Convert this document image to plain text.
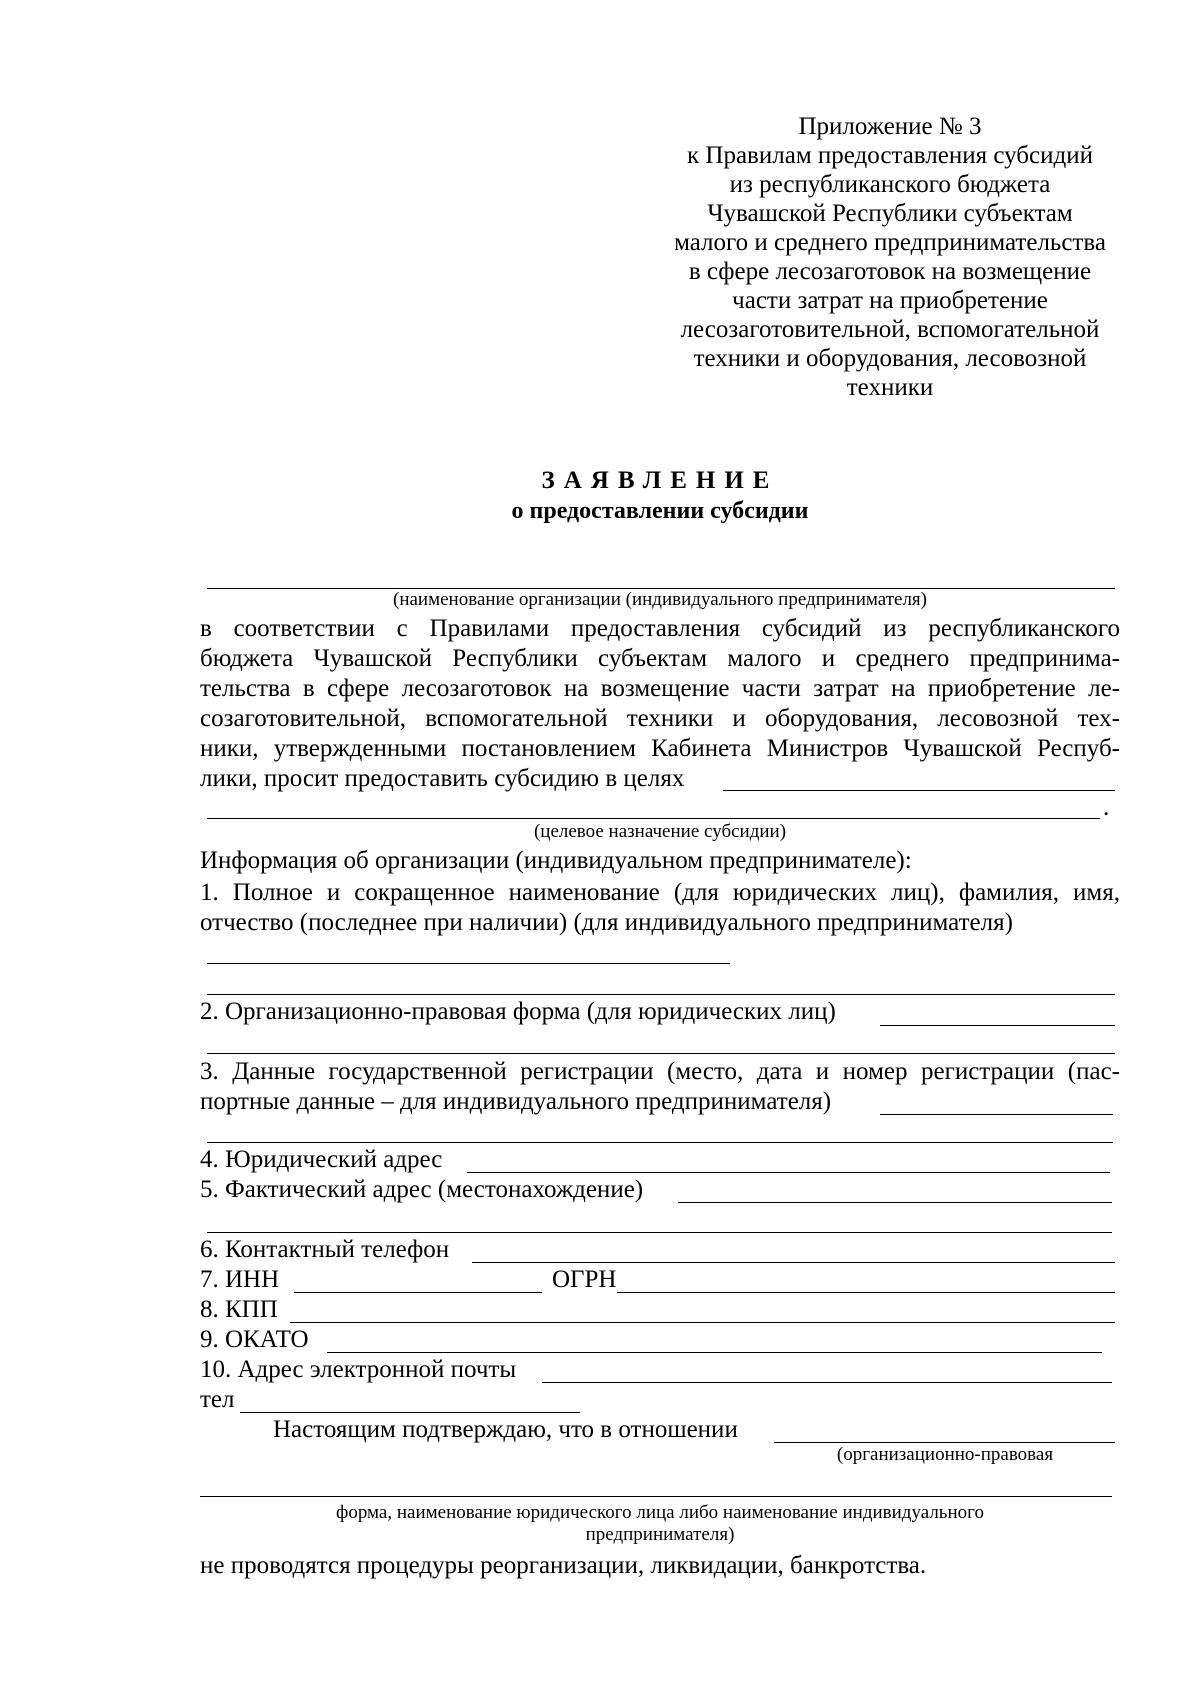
Приложение № 3
к Правилам предоставления субсидий
из республиканского бюджета
Чувашской Республики субъектам
малого и среднего предпринимательства
в сфере лесозаготовок на возмещение
части затрат на приобретение
лесозаготовительной, вспомогательной
техники и оборудования, лесовозной
техники
ЗАЯВЛЕНИЕ
о предоставлении субсидии
(наименование организации (индивидуального предпринимателя)
в соответствии с Правилами предоставления субсидий из республиканского
бюджета Чувашской Республики субъектам малого и среднего предпринима-
тельства в сфере лесозаготовок на возмещение части затрат на приобретение ле-
созаготовительной, вспомогательной техники и оборудования, лесовозной тех-
ники, утвержденными постановлением Кабинета Министров Чувашской Респуб-
лики, просит предоставить субсидию в целях
.
(целевое назначение субсидии)
Информация об организации (индивидуальном предпринимателе):
1. Полное и сокращенное наименование (для юридических лиц), фамилия, имя,
отчество (последнее при наличии) (для индивидуального предпринимателя)
2. Организационно-правовая форма (для юридических лиц)
3. Данные государственной регистрации (место, дата и номер регистрации (пас-
портные данные – для индивидуального предпринимателя)
4. Юридический адрес
5. Фактический адрес (местонахождение)
6. Контактный телефон
7. ИНН	ОГРН
8. КПП
9. ОКАТО
10. Адрес электронной почты
тел
Настоящим подтверждаю, что в отношении
(организационно-правовая
форма, наименование юридического лица либо наименование индивидуального
предпринимателя)
не проводятся процедуры реорганизации, ликвидации, банкротства.
